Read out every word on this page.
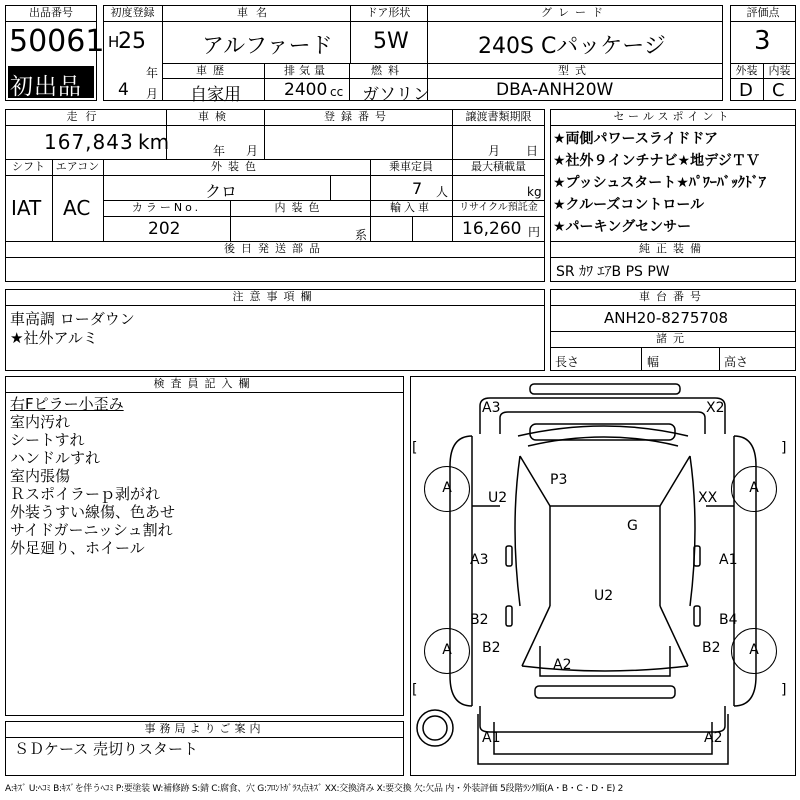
出品番号
50061
初出品
初度登録
H
25
年
4 月
車名
アルファード
ドア形状
5W
グレード
240S Cパッケージ
車歴
自家用
排気量
2400 cc
燃料
ガソリン
型式
DBA-ANH20W
評価点
3
外装	内装
D C
走行
167,843 km
車検
年 月
登録番号	譲渡書類期限
月 日
シフト
IAT
エアコン
AC
外装色
クロ
乗車定員
7 人
最大積載量
kg
カラーNo.
202
内装色
系
輸入車	リサイクル預託金
16,260 円
後日発送部品
セールスポイント
★両側パワースライドドア
★社外９インチナビ★地デジＴＶ
★プッシュスタート★ﾊﾟﾜｰﾊﾞｯｸﾄﾞｱ
★クルーズコントロール
★パーキングセンサー
純正装備
SR ｶﾜ ｴｱB PS PW
注意事項欄
車高調 ローダウン
★社外アルミ
車台番号
ANH20-8275708
諸元
長さ	幅	高さ
検査員記入欄
右Fピラー小歪み
室内汚れ
シートすれ
ハンドルすれ
室内張傷
Ｒスポイラーｐ剥がれ
外装うすい線傷、色あせ
サイドガーニッシュ割れ
外足廻り、ホイール
A	A
A	A
[	]
[	]
A3	X2
U2
P3
XX
G
A3	A1
U2
B2	B4
B2	B2
A2
A1	A2
事務局よりご案内
ＳＤケース 売切りスタート
A:ｷｽﾞ U:ﾍｺﾐ B:ｷｽﾞを伴うﾍｺﾐ P:要塗装 W:補修跡 S:錆 C:腐食、穴 G:ﾌﾛﾝﾄｶﾞﾗｽ点ｷｽﾞ XX:交換済み X:要交換 欠:欠品 内・外装評価 5段階ﾗﾝｸ順(A・B・C・D・E) 2
